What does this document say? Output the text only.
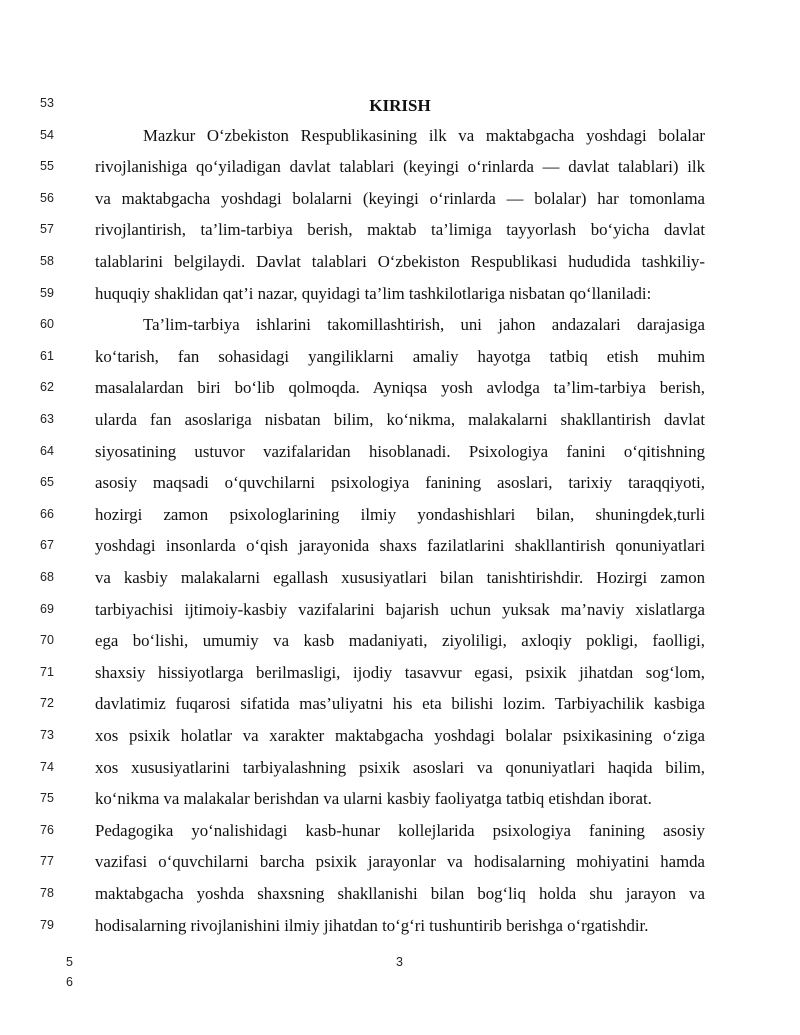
KIRISH
53
54	Mazkur O‘zbekiston Respublikasining ilk va maktabgacha yoshdagi bolalar
55	rivojlanishiga qo‘yiladigan davlat talablari (keyingi o‘rinlarda — davlat talablari) ilk
56	va maktabgacha yoshdagi bolalarni (keyingi o‘rinlarda — bolalar) har tomonlama
57	rivojlantirish, ta’lim-tarbiya berish, maktab ta’limiga tayyorlash bo‘yicha davlat
58	talablarini belgilaydi. Davlat talablari O‘zbekiston Respublikasi hududida tashkiliy-
59	huquqiy shaklidan qat’i nazar, quyidagi ta’lim tashkilotlariga nisbatan qo‘llaniladi:
60	Ta’lim-tarbiya ishlarini takomillashtirish, uni jahon andazalari darajasiga
61	ko‘tarish, fan sohasidagi yangiliklarni amaliy hayotga tatbiq etish muhim
62	masalalardan biri bo‘lib qolmoqda. Ayniqsa yosh avlodga ta’lim-tarbiya berish,
63	ularda fan asoslariga nisbatan bilim, ko‘nikma, malakalarni shakllantirish davlat
64	siyosatining ustuvor vazifalaridan hisoblanadi. Psixologiya fanini o‘qitishning
65	asosiy maqsadi o‘quvchilarni psixologiya fanining asoslari, tarixiy taraqqiyoti,
66	hozirgi zamon psixologlarining ilmiy yondashishlari bilan, shuningdek,turli
67	yoshdagi insonlarda o‘qish jarayonida shaxs fazilatlarini shakllantirish qonuniyatlari
68	va kasbiy malakalarni egallash xususiyatlari bilan tanishtirishdir. Hozirgi zamon
69	tarbiyachisi ijtimoiy-kasbiy vazifalarini bajarish uchun yuksak ma’naviy xislatlarga
70	ega bo‘lishi, umumiy va kasb madaniyati, ziyoliligi, axloqiy pokligi, faolligi,
71	shaxsiy hissiyotlarga berilmasligi, ijodiy tasavvur egasi, psixik jihatdan sog‘lom,
72	davlatimiz fuqarosi sifatida mas’uliyatni his eta bilishi lozim. Tarbiyachilik kasbiga
73	xos psixik holatlar va xarakter maktabgacha yoshdagi bolalar psixikasining o‘ziga
74	xos xususiyatlarini tarbiyalashning psixik asoslari va qonuniyatlari haqida bilim,
75	ko‘nikma va malakalar berishdan va ularni kasbiy faoliyatga tatbiq etishdan iborat.
76	Pedagogika yo‘nalishidagi kasb-hunar kollejlarida psixologiya fanining asosiy
77	vazifasi o‘quvchilarni barcha psixik jarayonlar va hodisalarning mohiyatini hamda
78	maktabgacha yoshda shaxsning shakllanishi bilan bog‘liq holda shu jarayon va
79	hodisalarning rivojlanishini ilmiy jihatdan to‘g‘ri tushuntirib berishga o‘rgatishdir.
5
6
3
